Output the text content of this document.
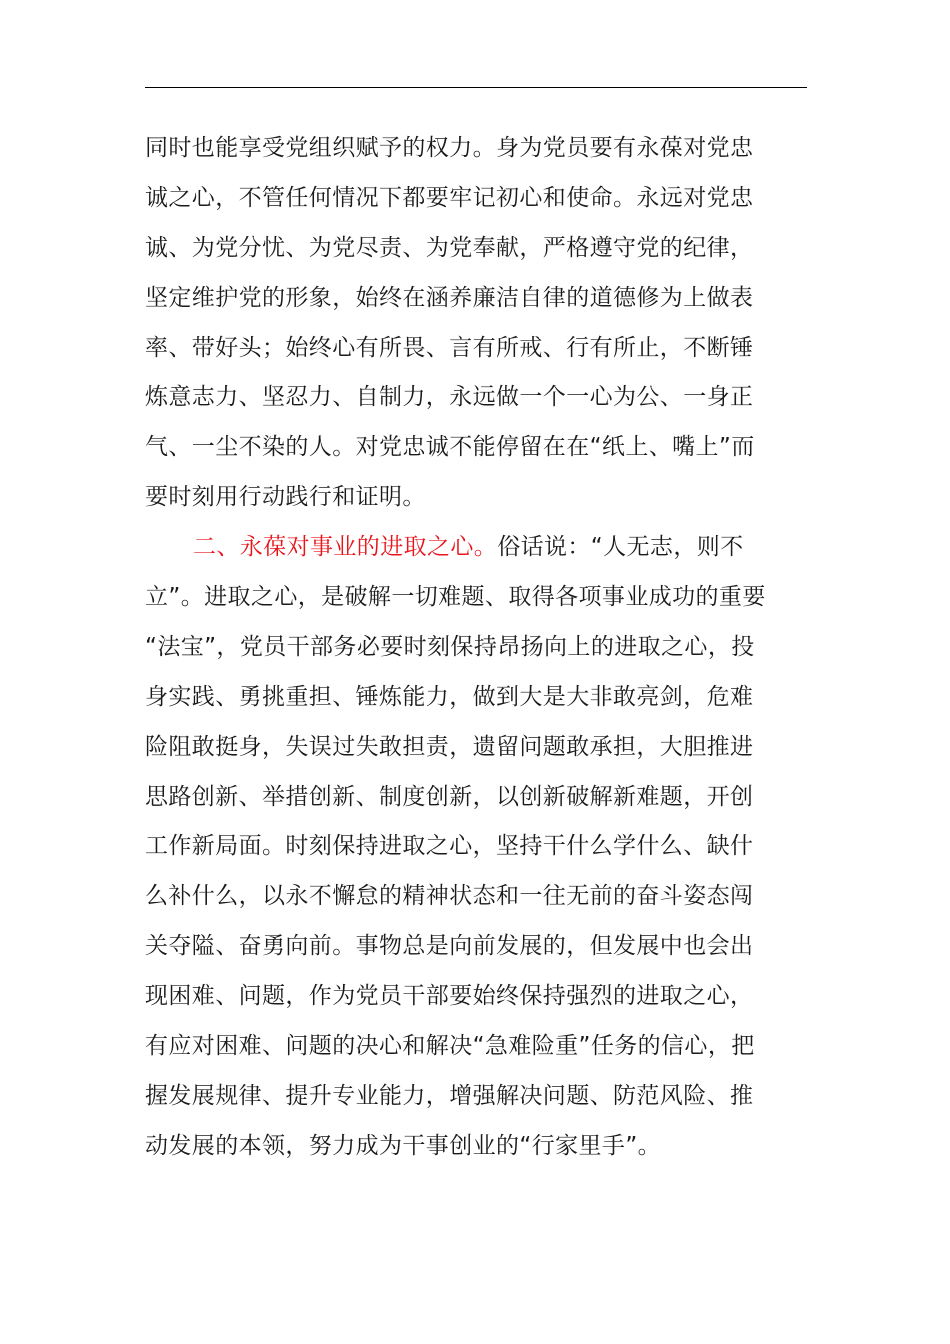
同时也能享受党组织赋予的权力。身为党员要有永葆对党忠
诚之心，不管任何情况下都要牢记初心和使命。永远对党忠
诚、为党分忧、为党尽责、为党奉献，严格遵守党的纪律，
坚定维护党的形象，始终在涵养廉洁自律的道德修为上做表
率、带好头；始终心有所畏、言有所戒、行有所止，不断锤
炼意志力、坚忍力、自制力，永远做一个一心为公、一身正
气、一尘不染的人。对党忠诚不能停留在在“纸上、嘴上”而
要时刻用行动践行和证明。
二、永葆对事业的进取之心。俗话说：“人无志，则不
立”。进取之心，是破解一切难题、取得各项事业成功的重要
“法宝”，党员干部务必要时刻保持昂扬向上的进取之心，投
身实践、勇挑重担、锤炼能力，做到大是大非敢亮剑，危难
险阻敢挺身，失误过失敢担责，遗留问题敢承担，大胆推进
思路创新、举措创新、制度创新，以创新破解新难题，开创
工作新局面。时刻保持进取之心，坚持干什么学什么、缺什
么补什么，以永不懈怠的精神状态和一往无前的奋斗姿态闯
关夺隘、奋勇向前。事物总是向前发展的，但发展中也会出
现困难、问题，作为党员干部要始终保持强烈的进取之心，
有应对困难、问题的决心和解决“急难险重”任务的信心，把
握发展规律、提升专业能力，增强解决问题、防范风险、推
动发展的本领，努力成为干事创业的“行家里手”。
